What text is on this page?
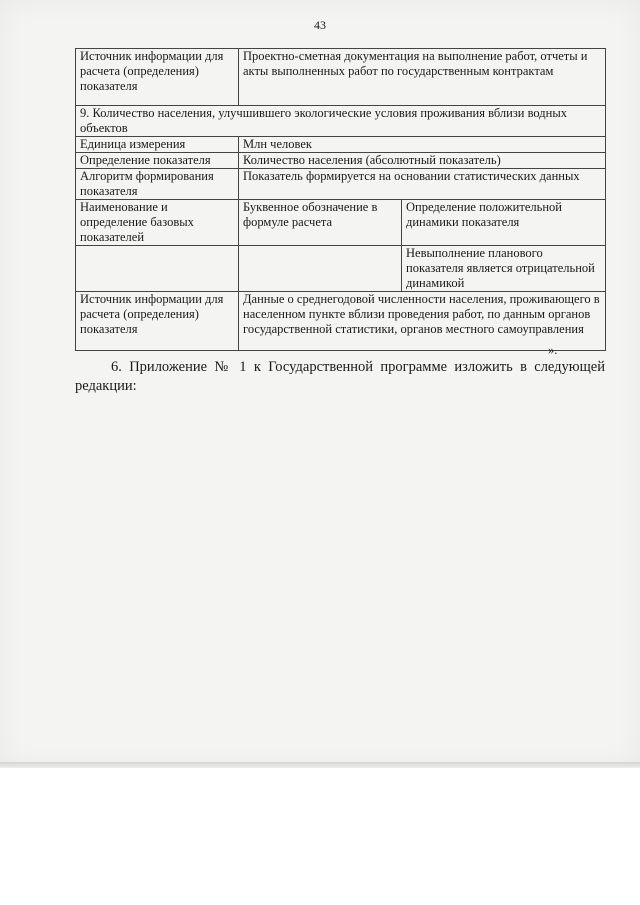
43
Источник информации для расчета (определения) показателя	Проектно-сметная документация на выполнение работ, отчеты и акты выполненных работ по государственным контрактам	
9. Количество населения, улучшившего экологические условия проживания вблизи водных объектов		
Единица измерения	Млн человек	
Определение показателя	Количество населения (абсолютный показатель)	
Алгоритм формирования показателя	Показатель формируется на основании статистических данных	
Наименование и определение базовых показателей	Буквенное обозначение в формуле расчета	Определение положительной динамики показателя
		Невыполнение планового показателя является отрицательной динамикой
Источник информации для расчета (определения) показателя	Данные о среднегодовой численности населения, проживающего в населенном пункте вблизи проведения работ, по данным органов государственной статистики, органов местного самоуправления	
».
6. Приложение № 1 к Государственной программе изложить в следующей редакции:
